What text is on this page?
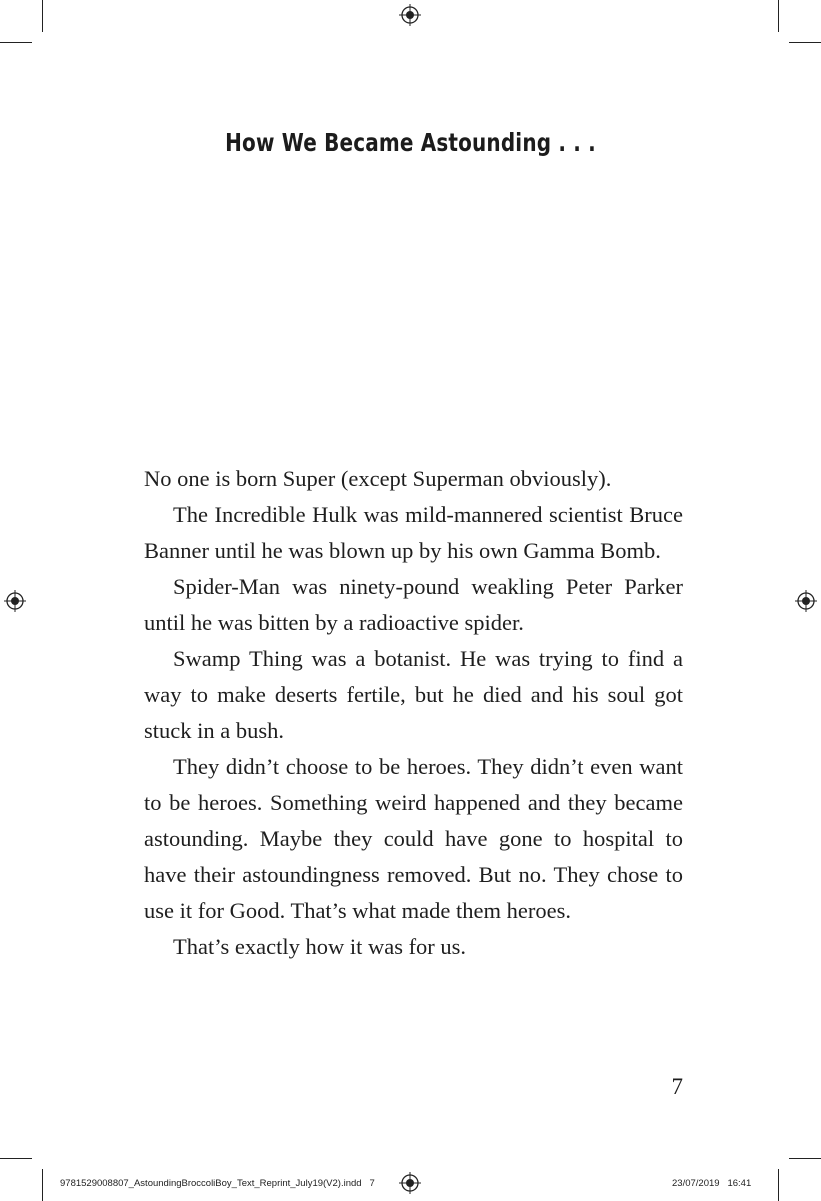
How We Became Astounding . . .

No one is born Super (except Superman obviously).

The Incredible Hulk was mild-mannered scientist Bruce Banner until he was blown up by his own Gamma Bomb.

Spider-Man was ninety-pound weakling Peter Parker until he was bitten by a radioactive spider.

Swamp Thing was a botanist. He was trying to find a way to make deserts fertile, but he died and his soul got stuck in a bush.

They didn’t choose to be heroes. They didn’t even want to be heroes. Something weird happened and they became astounding. Maybe they could have gone to hospital to have their astoundingness removed. But no. They chose to use it for Good. That’s what made them heroes.

That’s exactly how it was for us.

7
9781529008807_AstoundingBroccoliBoy_Text_Reprint_July19(V2).indd 7	23/07/2019 16:41
